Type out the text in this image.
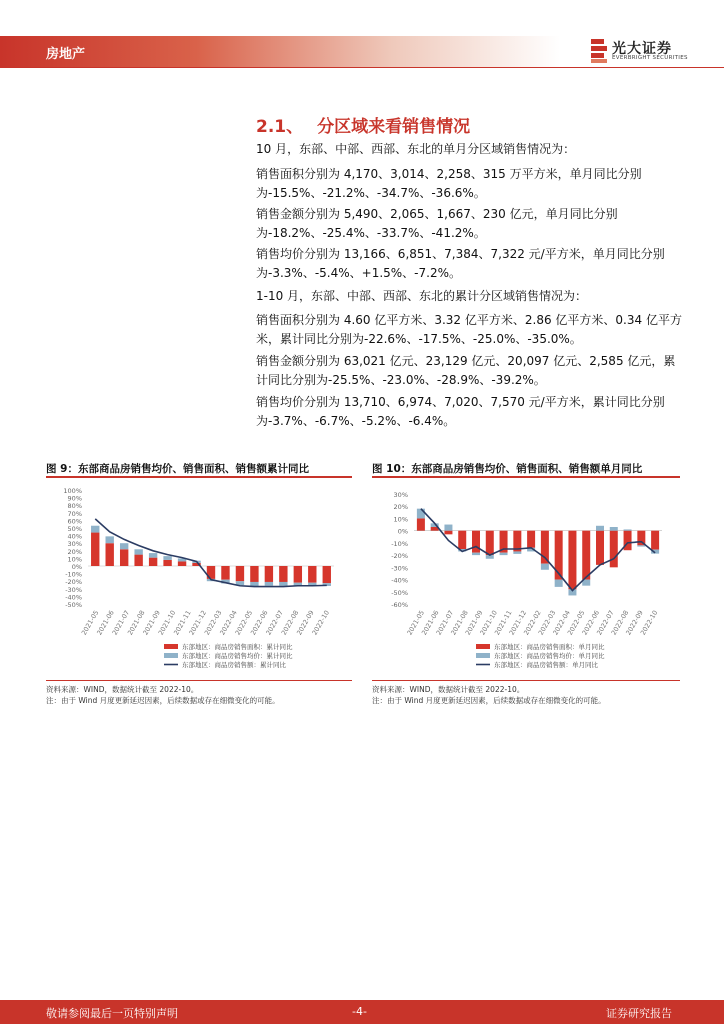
房地产	光大证券
EVERBRIGHT SECURITIES
2.1、 分区域来看销售情况
10 月，东部、中部、西部、东北的单月分区域销售情况为：
销售面积分别为 4,170、3,014、2,258、315 万平方米，单月同比分别为-15.5%、-21.2%、-34.7%、-36.6%。
销售金额分别为 5,490、2,065、1,667、230 亿元，单月同比分别为-18.2%、-25.4%、-33.7%、-41.2%。
销售均价分别为 13,166、6,851、7,384、7,322 元/平方米，单月同比分别为-3.3%、-5.4%、+1.5%、-7.2%。
1-10 月，东部、中部、西部、东北的累计分区域销售情况为：
销售面积分别为 4.60 亿平方米、3.32 亿平方米、2.86 亿平方米、0.34 亿平方米，累计同比分别为-22.6%、-17.5%、-25.0%、-35.0%。
销售金额分别为 63,021 亿元、23,129 亿元、20,097 亿元、2,585 亿元，累计同比分别为-25.5%、-23.0%、-28.9%、-39.2%。
销售均价分别为 13,710、6,974、7,020、7,570 元/平方米，累计同比分别为-3.7%、-6.7%、-5.2%、-6.4%。
图 9：东部商品房销售均价、销售面积、销售额累计同比
100%
90%
80%
70%
60%
50%
40%
30%
20%
10%
0%
-10%
-20%
-30%
-40%
-50%
2021-05
2021-06
2021-07
2021-08
2021-09
2021-10
2021-11
2021-12
2022-03
2022-04
2022-05
2022-06
2022-07
2022-08
2022-09
2022-10
东部地区：商品房销售面积：累计同比
东部地区：商品房销售均价：累计同比
东部地区：商品房销售额：累计同比
资料来源：WIND，数据统计截至 2022-10。
注：由于 Wind 月度更新延迟因素，后续数据或存在细微变化的可能。
图 10：东部商品房销售均价、销售面积、销售额单月同比
30%
20%
10%
0%
-10%
-20%
-30%
-40%
-50%
-60%
2021-05
2021-06
2021-07
2021-08
2021-09
2021-10
2021-11
2021-12
2022-02
2022-03
2022-04
2022-05
2022-06
2022-07
2022-08
2022-09
2022-10
东部地区：商品房销售面积：单月同比
东部地区：商品房销售均价：单月同比
东部地区：商品房销售额：单月同比
资料来源：WIND，数据统计截至 2022-10。
注：由于 Wind 月度更新延迟因素，后续数据或存在细微变化的可能。
敬请参阅最后一页特别声明	-4-	证券研究报告
